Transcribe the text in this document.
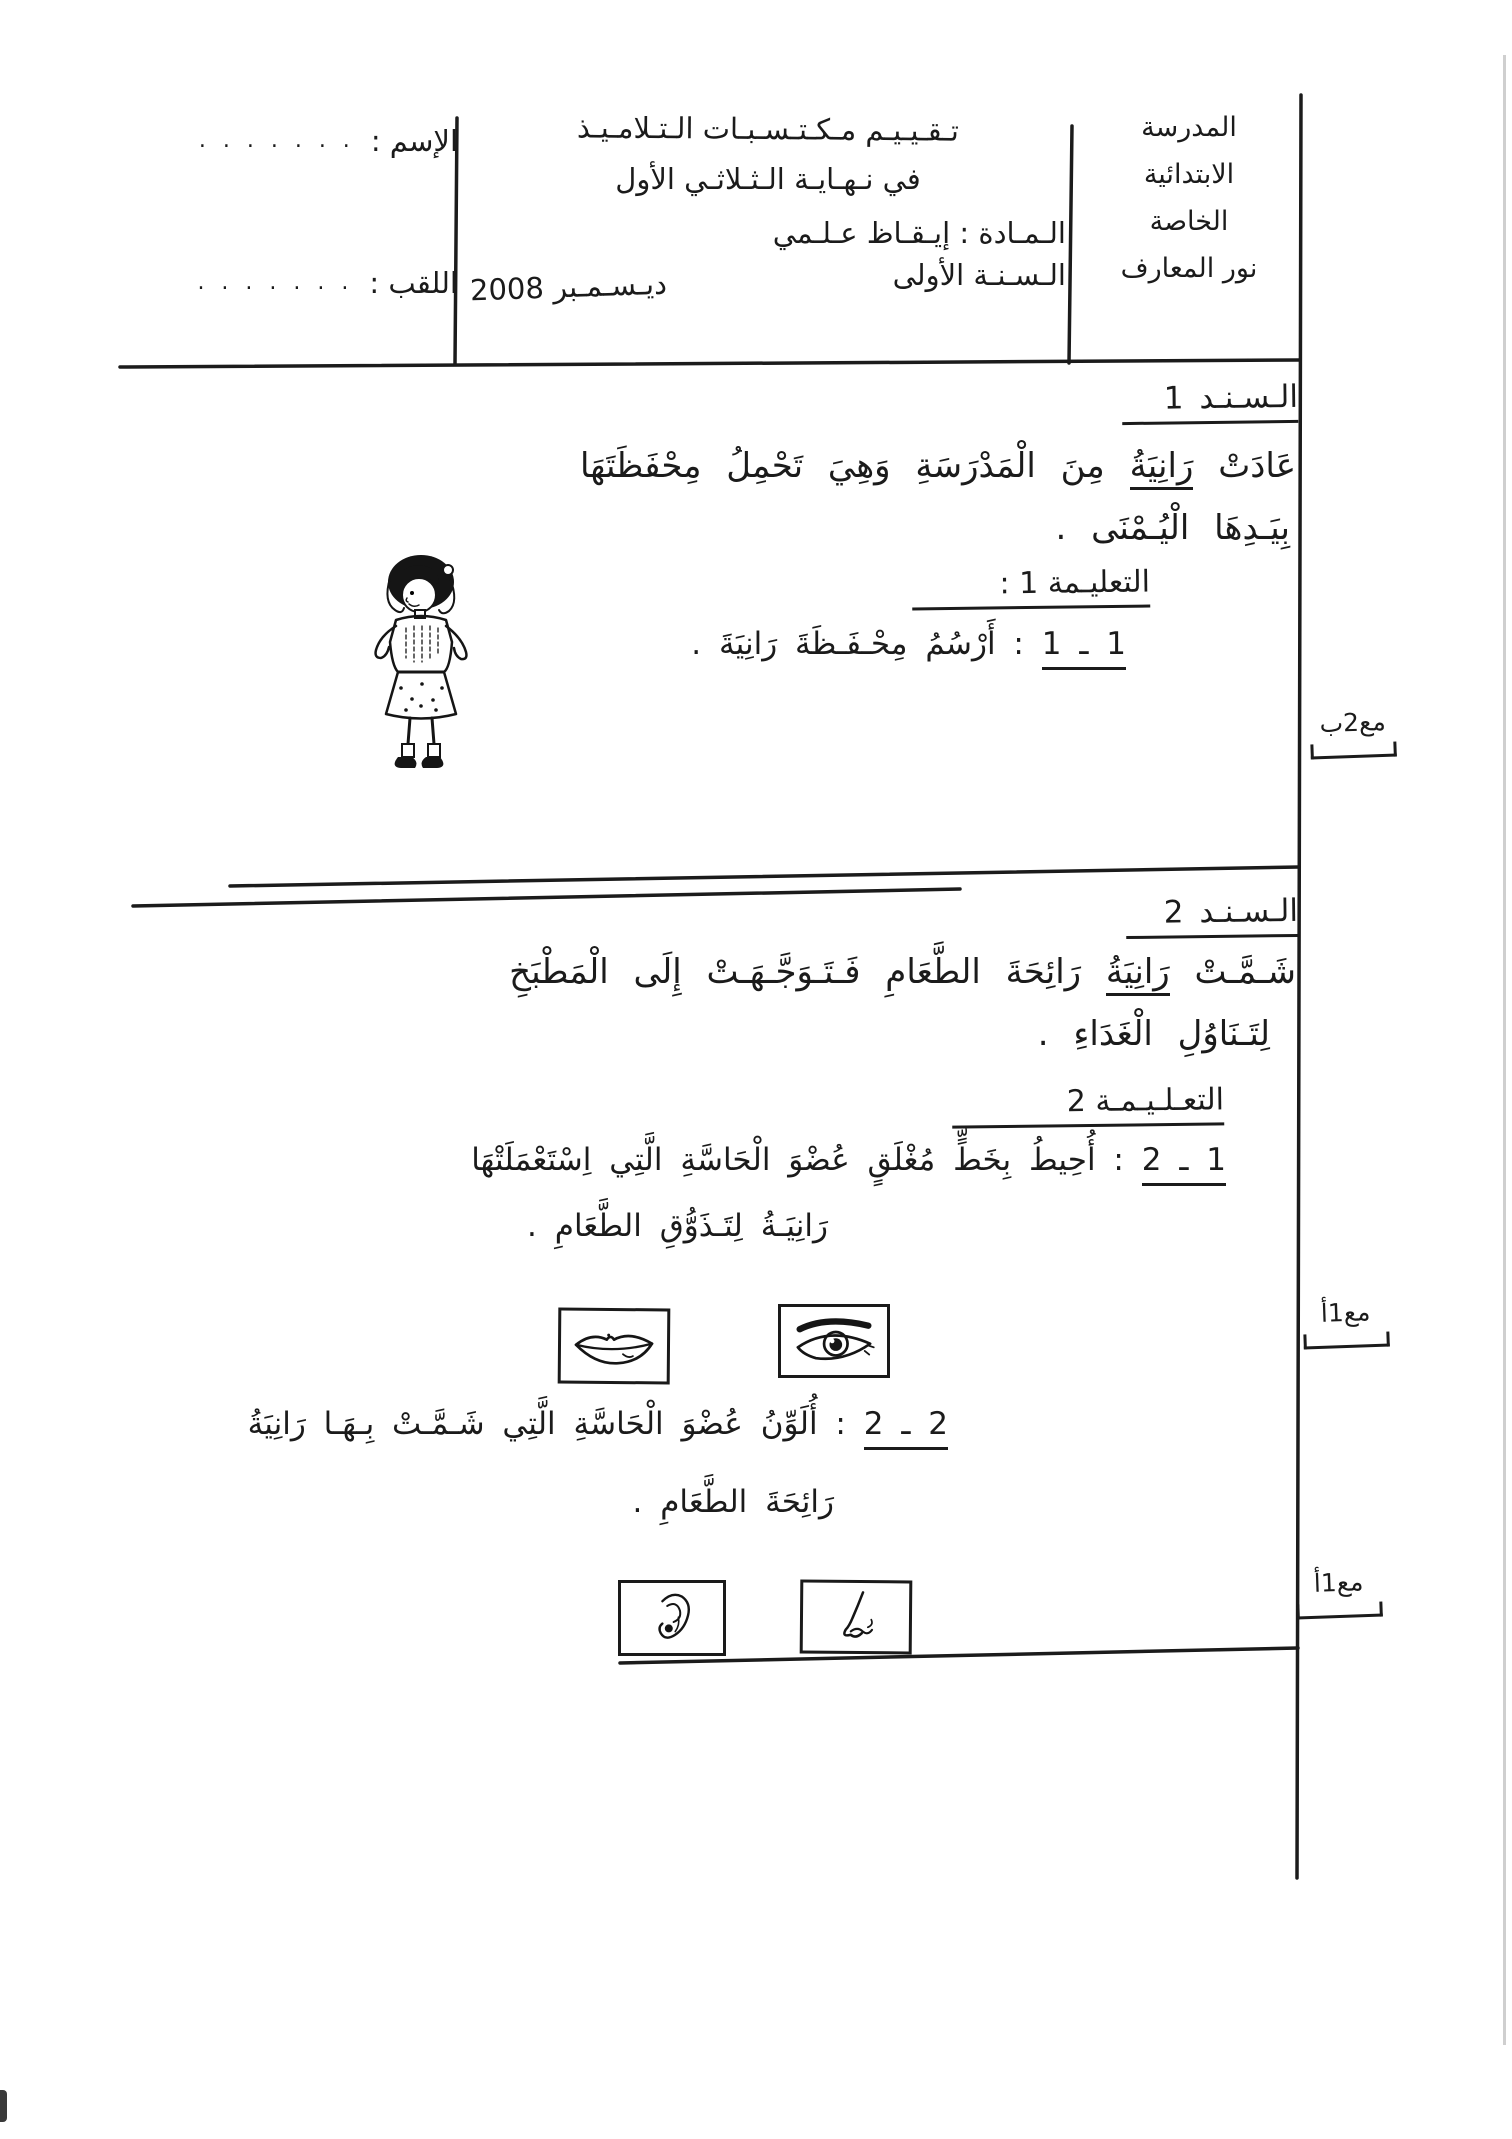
المدرسة
الابتدائية
الخاصة
نور المعارف
تـقـيـيـم مـكـتـسـبـات الـتـلامـيـذ
في نـهـايـة الـثـلاثـي الأول
الـمـادة : إيـقـاظ عـلـمي
الـسـنـة الأولى
ديـسـمـبر 2008
الإسم :
. . . . . . .
اللقب :
. . . . . . .
الـسـنـد 1
عَادَتْ رَانِيَةُ مِنَ الْمَدْرَسَةِ وَهِيَ تَحْمِلُ مِحْفَظَتَهَا
بِيَـدِهَا الْيُـمْنَى .
التعليـمة 1 :
1 ـ 1 : أَرْسُمُ مِحْـفَـظَةَ رَانِيَةَ .
مع2ب
الـسـنـد 2
شَـمَّـتْ رَانِيَةُ رَائِحَةَ الطَّعَامِ فَـتَـوَجَّـهَـتْ إِلَى الْمَطْبَخِ
لِتَـنَاوُلِ الْغَدَاءِ .
التعـلـيـمـة 2
1 ـ 2 : أُحِيطُ بِخَطٍّ مُغْلَقٍ عُضْوَ الْحَاسَّةِ الَّتِي اِسْتَعْمَلَتْهَا
رَانِيَـةُ لِتَـذَوُّقِ الطَّعَامِ .
مع1أ
2 ـ 2 : أُلَوِّنُ عُضْوَ الْحَاسَّةِ الَّتِي شَـمَّـتْ بِـهَـا رَانِيَةُ
رَائِحَةَ الطَّعَامِ .
مع1أ
